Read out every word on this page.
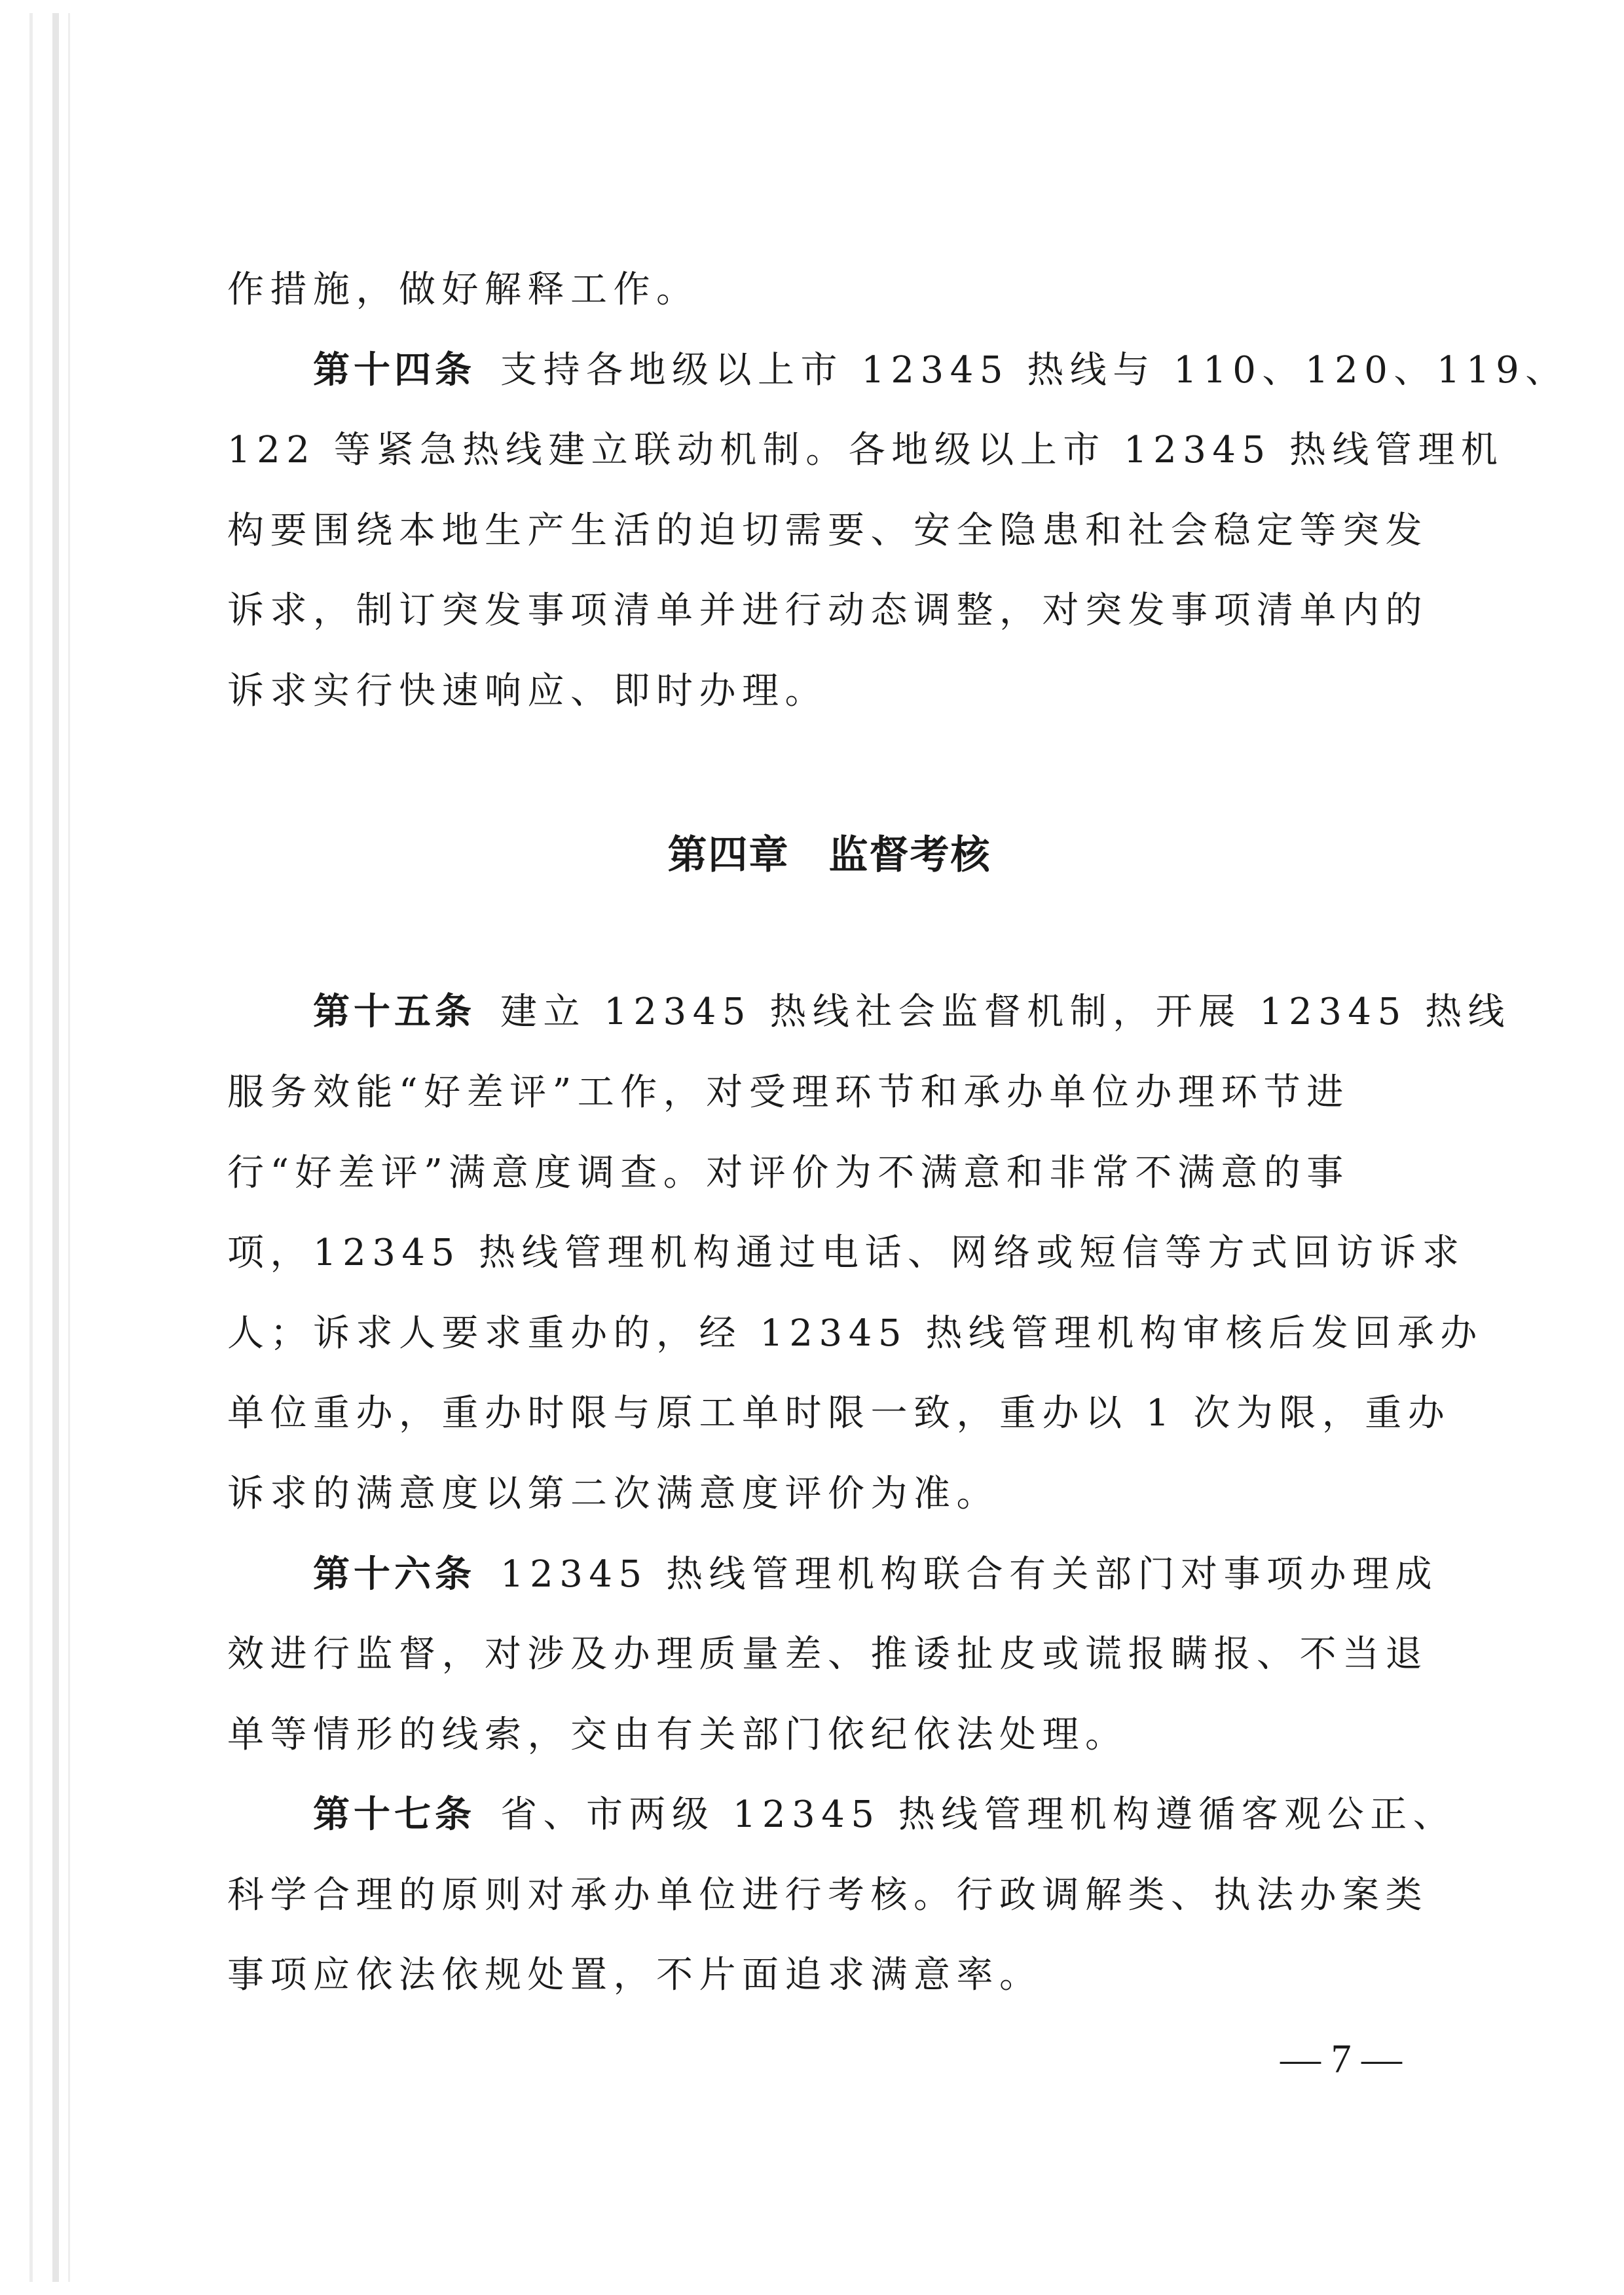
作措施，做好解释工作。
第十四条 支持各地级以上市 12345 热线与 110、120、119、
122 等紧急热线建立联动机制。各地级以上市 12345 热线管理机
构要围绕本地生产生活的迫切需要、安全隐患和社会稳定等突发
诉求，制订突发事项清单并进行动态调整，对突发事项清单内的
诉求实行快速响应、即时办理。
第四章 监督考核
第十五条 建立 12345 热线社会监督机制，开展 12345 热线
服务效能“好差评”工作，对受理环节和承办单位办理环节进
行“好差评”满意度调查。对评价为不满意和非常不满意的事
项，12345 热线管理机构通过电话、网络或短信等方式回访诉求
人；诉求人要求重办的，经 12345 热线管理机构审核后发回承办
单位重办，重办时限与原工单时限一致，重办以 1 次为限，重办
诉求的满意度以第二次满意度评价为准。
第十六条 12345 热线管理机构联合有关部门对事项办理成
效进行监督，对涉及办理质量差、推诿扯皮或谎报瞒报、不当退
单等情形的线索，交由有关部门依纪依法处理。
第十七条 省、市两级 12345 热线管理机构遵循客观公正、
科学合理的原则对承办单位进行考核。行政调解类、执法办案类
事项应依法依规处置，不片面追求满意率。
— 7 —
